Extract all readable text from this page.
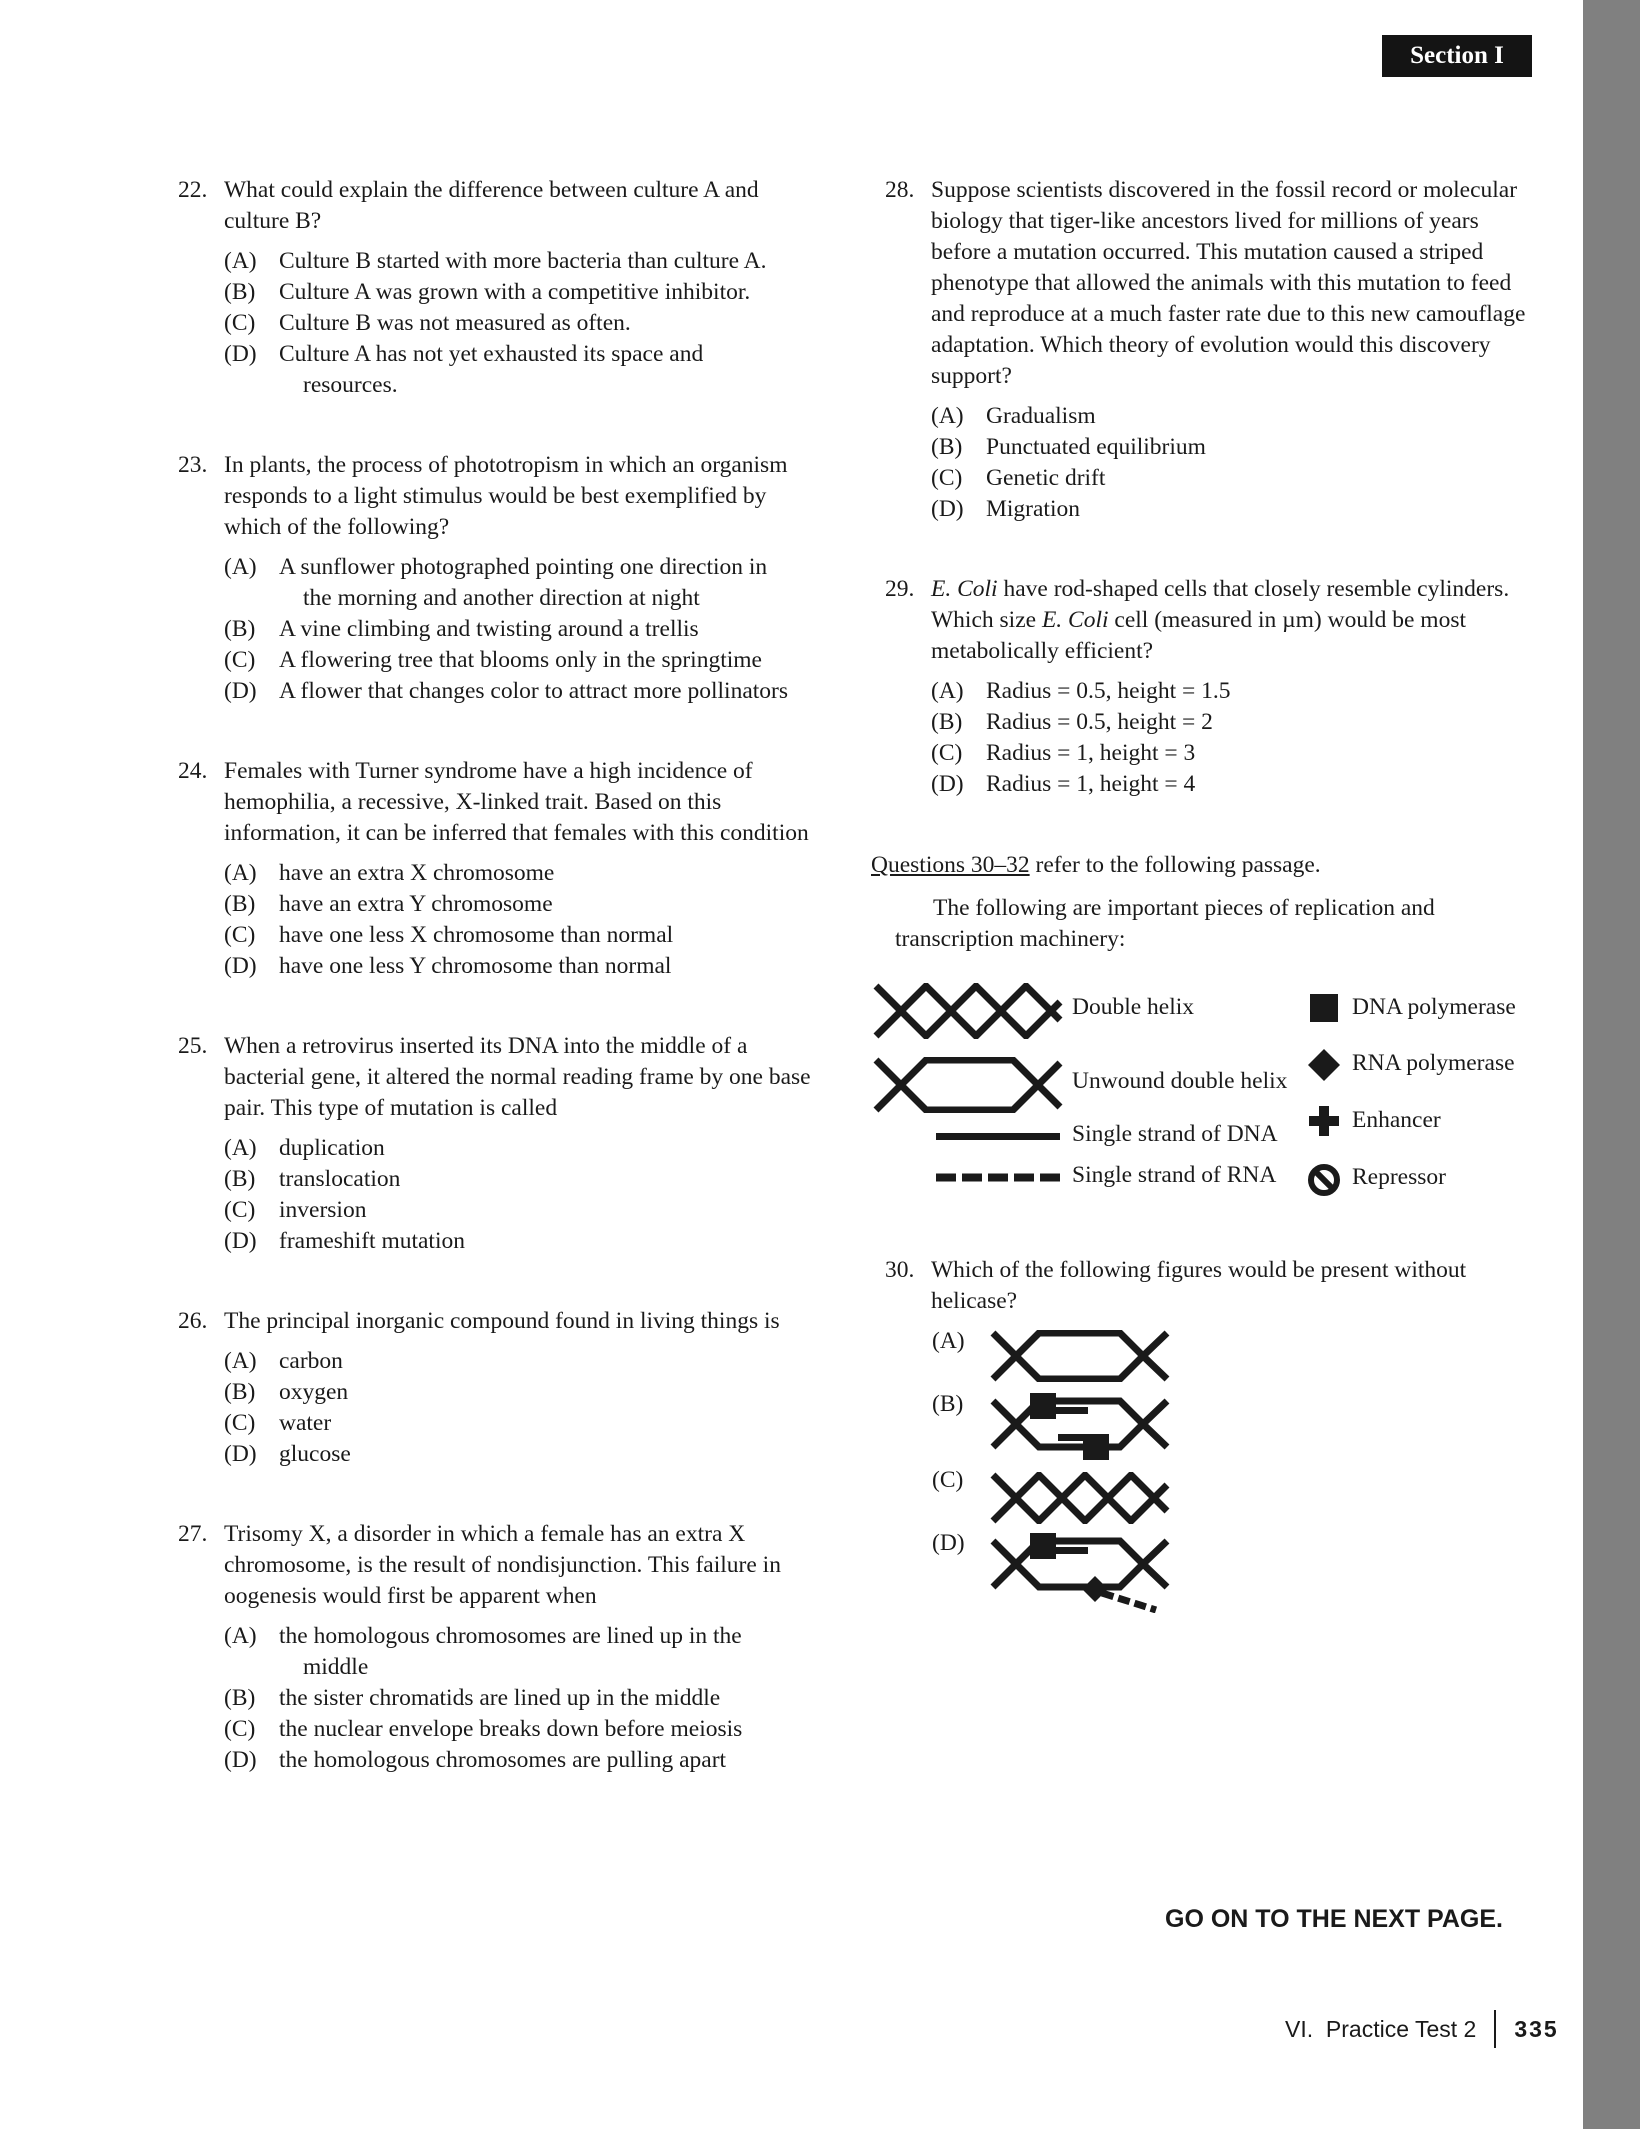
Section I
22. What could explain the difference between culture A and culture B?
(A) Culture B started with more bacteria than culture A.
(B) Culture A was grown with a competitive inhibitor.
(C) Culture B was not measured as often.
(D) Culture A has not yet exhausted its space and
resources.
23. In plants, the process of phototropism in which an organism responds to a light stimulus would be best exemplified by which of the following?
(A) A sunflower photographed pointing one direction in
the morning and another direction at night
(B) A vine climbing and twisting around a trellis
(C) A flowering tree that blooms only in the springtime
(D) A flower that changes color to attract more pollinators
24. Females with Turner syndrome have a high incidence of hemophilia, a recessive, X-linked trait. Based on this information, it can be inferred that females with this condition
(A) have an extra X chromosome
(B) have an extra Y chromosome
(C) have one less X chromosome than normal
(D) have one less Y chromosome than normal
25. When a retrovirus inserted its DNA into the middle of a bacterial gene, it altered the normal reading frame by one base pair. This type of mutation is called
(A) duplication
(B) translocation
(C) inversion
(D) frameshift mutation
26. The principal inorganic compound found in living things is
(A) carbon
(B) oxygen
(C) water
(D) glucose
27. Trisomy X, a disorder in which a female has an extra X chromosome, is the result of nondisjunction. This failure in oogenesis would first be apparent when
(A) the homologous chromosomes are lined up in the
middle
(B) the sister chromatids are lined up in the middle
(C) the nuclear envelope breaks down before meiosis
(D) the homologous chromosomes are pulling apart
28. Suppose scientists discovered in the fossil record or molecular biology that tiger-like ancestors lived for millions of years before a mutation occurred. This mutation caused a striped phenotype that allowed the animals with this mutation to feed and reproduce at a much faster rate due to this new camouflage adaptation. Which theory of evolution would this discovery support?
(A) Gradualism
(B) Punctuated equilibrium
(C) Genetic drift
(D) Migration
29. E. Coli have rod-shaped cells that closely resemble cylinders. Which size E. Coli cell (measured in µm) would be most metabolically efficient?
(A) Radius = 0.5, height = 1.5
(B) Radius = 0.5, height = 2
(C) Radius = 1, height = 3
(D) Radius = 1, height = 4
Questions 30–32 refer to the following passage.
The following are important pieces of replication and transcription machinery:
Double helix
Unwound double helix
Single strand of DNA
Single strand of RNA
DNA polymerase
RNA polymerase
Enhancer
Repressor
30. Which of the following figures would be present without helicase?
(A)
(B)
(C)
(D)
GO ON TO THE NEXT PAGE.
VI.  Practice Test 2 335
